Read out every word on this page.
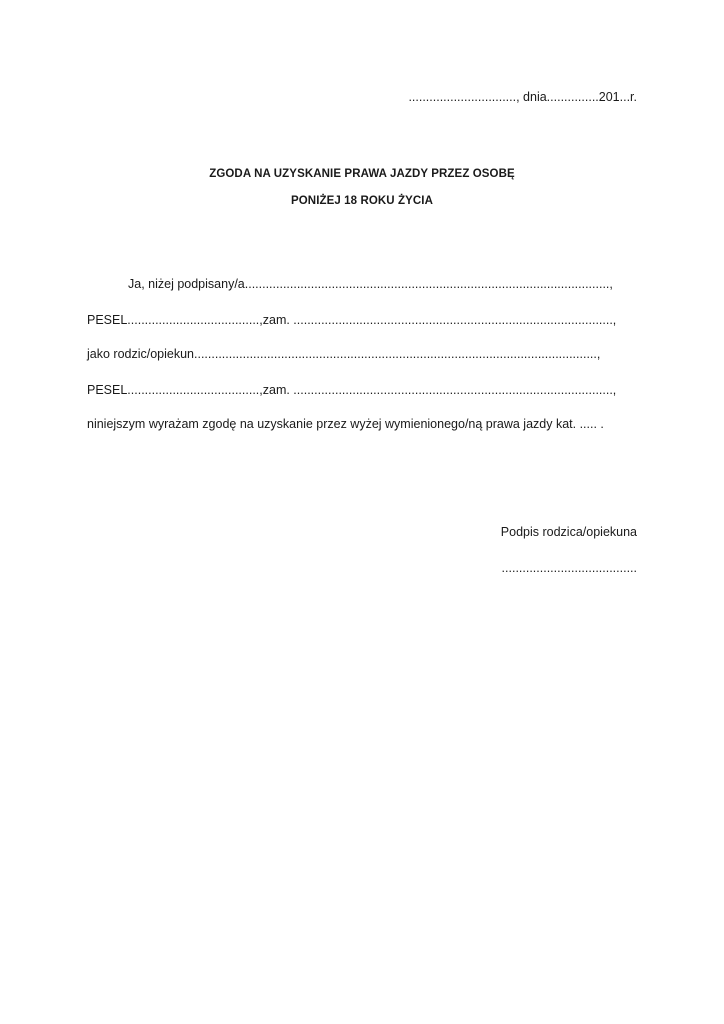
..............................., dnia...............201...r.
ZGODA NA UZYSKANIE PRAWA JAZDY PRZEZ OSOBĘ
PONIŻEJ 18 ROKU ŻYCIA
Ja, niżej podpisany/a.........................................................................................................,
PESEL......................................,zam. ............................................................................................,
jako rodzic/opiekun....................................................................................................................,
PESEL......................................,zam. ............................................................................................,
niniejszym wyrażam zgodę na uzyskanie przez wyżej wymienionego/ną prawa jazdy kat. ..... .
Podpis rodzica/opiekuna
.......................................
